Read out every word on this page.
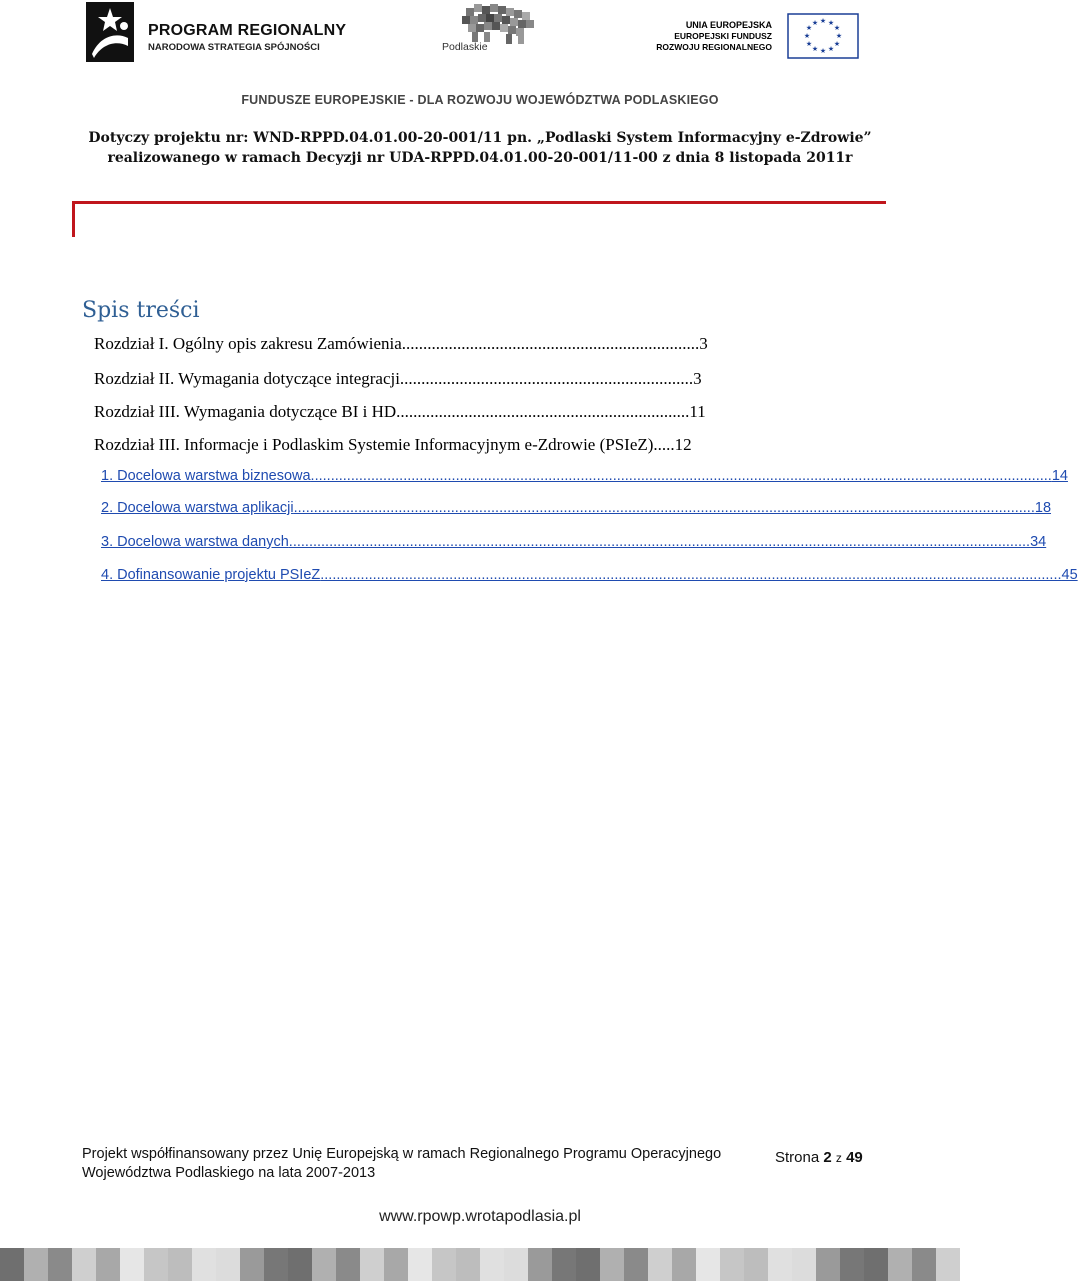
PROGRAM REGIONALNY
NARODOWA STRATEGIA SPÓJNOŚCI	Podlaskie
UNIA EUROPEJSKA
EUROPEJSKI FUNDUSZ
ROZWOJU REGIONALNEGO
★ ★
★
★
★
★
★
★
★
★
★
★
FUNDUSZE EUROPEJSKIE - DLA ROZWOJU WOJEWÓDZTWA PODLASKIEGO
Dotyczy projektu nr: WND-RPPD.04.01.00-20-001/11 pn. „Podlaski System Informacyjny e-Zdrowie”
realizowanego w ramach Decyzji nr UDA-RPPD.04.01.00-20-001/11-00 z dnia 8 listopada 2011r
Spis treści
Rozdział I. Ogólny opis zakresu Zamówienia......................................................................3
Rozdział II. Wymagania dotyczące integracji.....................................................................3
Rozdział III. Wymagania dotyczące BI i HD.....................................................................11
Rozdział III. Informacje i Podlaskim Systemie Informacyjnym e-Zdrowie (PSIeZ).....12
1. Docelowa warstwa biznesowa ........................................................................................................................................................................................ 14
2. Docelowa warstwa aplikacji ........................................................................................................................................................................................ 18
3. Docelowa warstwa danych ........................................................................................................................................................................................ 34
4. Dofinansowanie projektu PSIeZ ........................................................................................................................................................................................ 45
Projekt współfinansowany przez Unię Europejską w ramach Regionalnego Programu Operacyjnego
Województwa Podlaskiego na lata 2007-2013
Strona 2 z 49
www.rpowp.wrotapodlasia.pl
